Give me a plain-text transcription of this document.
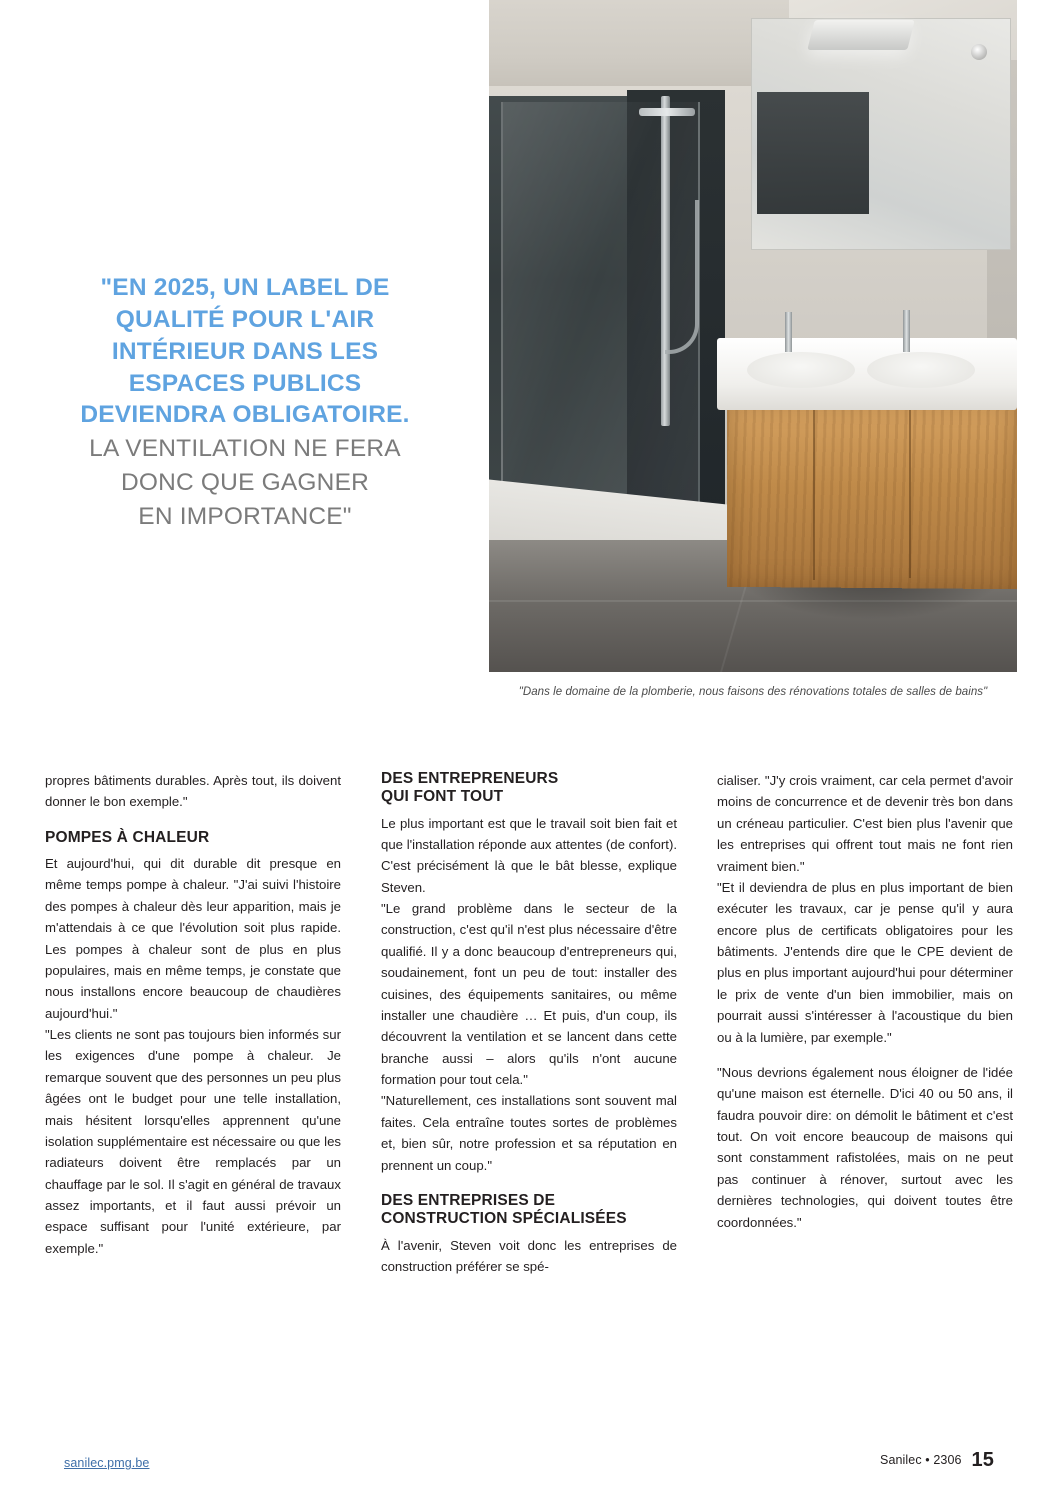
"EN 2025, UN LABEL DE
QUALITÉ POUR L'AIR
INTÉRIEUR DANS LES
ESPACES PUBLICS
DEVIENDRA OBLIGATOIRE.
LA VENTILATION NE FERA
DONC QUE GAGNER
EN IMPORTANCE"
"Dans le domaine de la plomberie, nous faisons des rénovations totales de salles de bains"

propres bâtiments durables. Après tout, ils doivent donner le bon exemple."

POMPES À CHALEUR

Et aujourd'hui, qui dit durable dit presque en même temps pompe à chaleur. "J'ai suivi l'histoire des pompes à chaleur dès leur apparition, mais je m'attendais à ce que l'évolution soit plus rapide. Les pompes à chaleur sont de plus en plus populaires, mais en même temps, je constate que nous installons encore beaucoup de chaudières aujourd'hui."

"Les clients ne sont pas toujours bien informés sur les exigences d'une pompe à chaleur. Je remarque souvent que des personnes un peu plus âgées ont le budget pour une telle installation, mais hésitent lorsqu'elles apprennent qu'une isolation supplémentaire est nécessaire ou que les radiateurs doivent être remplacés par un chauffage par le sol. Il s'agit en général de travaux assez importants, et il faut aussi prévoir un espace suffisant pour l'unité extérieure, par exemple."

DES ENTREPRENEURS
QUI FONT TOUT

Le plus important est que le travail soit bien fait et que l'installation réponde aux attentes (de confort). C'est précisément là que le bât blesse, explique Steven.

"Le grand problème dans le secteur de la construction, c'est qu'il n'est plus nécessaire d'être qualifié. Il y a donc beaucoup d'entrepreneurs qui, soudainement, font un peu de tout: installer des cuisines, des équipements sanitaires, ou même installer une chaudière … Et puis, d'un coup, ils découvrent la ventilation et se lancent dans cette branche aussi – alors qu'ils n'ont aucune formation pour tout cela."

"Naturellement, ces installations sont souvent mal faites. Cela entraîne toutes sortes de problèmes et, bien sûr, notre profession et sa réputation en prennent un coup."

DES ENTREPRISES DE
CONSTRUCTION SPÉCIALISÉES

À l'avenir, Steven voit donc les entreprises de construction préférer se spé-

cialiser. "J'y crois vraiment, car cela permet d'avoir moins de concurrence et de devenir très bon dans un créneau particulier. C'est bien plus l'avenir que les entreprises qui offrent tout mais ne font rien vraiment bien."

"Et il deviendra de plus en plus important de bien exécuter les travaux, car je pense qu'il y aura encore plus de certificats obligatoires pour les bâtiments. J'entends dire que le CPE devient de plus en plus important aujourd'hui pour déterminer le prix de vente d'un bien immobilier, mais on pourrait aussi s'intéresser à l'acoustique du bien ou à la lumière, par exemple."

"Nous devrions également nous éloigner de l'idée qu'une maison est éternelle. D'ici 40 ou 50 ans, il faudra pouvoir dire: on démolit le bâtiment et c'est tout. On voit encore beaucoup de maisons qui sont constamment rafistolées, mais on ne peut pas continuer à rénover, surtout avec les dernières technologies, qui doivent toutes être coordonnées."

sanilec.pmg.be	Sanilec • 2306 15
